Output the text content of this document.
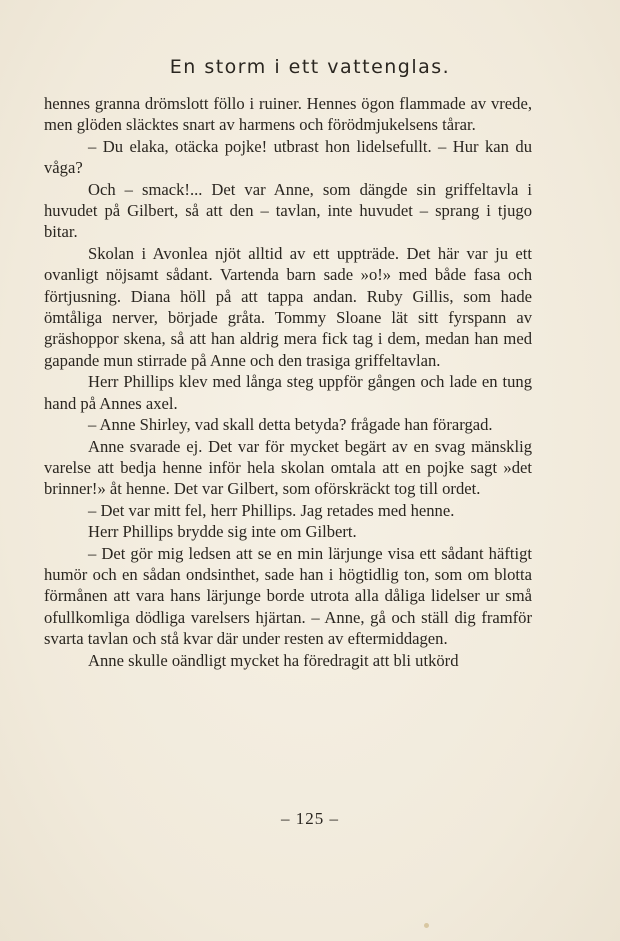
En storm i ett vattenglas.

hennes granna drömslott föllo i ruiner. Hennes ögon flammade av vrede, men glöden släcktes snart av harmens och förödmjukelsens tårar.

– Du elaka, otäcka pojke! utbrast hon lidelsefullt. – Hur kan du våga?

Och – smack!... Det var Anne, som dängde sin griffeltavla i huvudet på Gilbert, så att den – tavlan, inte huvudet – sprang i tjugo bitar.

Skolan i Avonlea njöt alltid av ett uppträde. Det här var ju ett ovanligt nöjsamt sådant. Vartenda barn sade »o!» med både fasa och förtjusning. Diana höll på att tappa andan. Ruby Gillis, som hade ömtåliga nerver, började gråta. Tommy Sloane lät sitt fyrspann av gräshoppor skena, så att han aldrig mera fick tag i dem, medan han med gapande mun stirrade på Anne och den trasiga griffeltavlan.

Herr Phillips klev med långa steg uppför gången och lade en tung hand på Annes axel.

– Anne Shirley, vad skall detta betyda? frågade han förargad.

Anne svarade ej. Det var för mycket begärt av en svag mänsklig varelse att bedja henne inför hela skolan omtala att en pojke sagt »det brinner!» åt henne. Det var Gilbert, som oförskräckt tog till ordet.

– Det var mitt fel, herr Phillips. Jag retades med henne.

Herr Phillips brydde sig inte om Gilbert.

– Det gör mig ledsen att se en min lärjunge visa ett sådant häftigt humör och en sådan ondsinthet, sade han i högtidlig ton, som om blotta förmånen att vara hans lärjunge borde utrota alla dåliga lidelser ur små ofullkomliga dödliga varelsers hjärtan. – Anne, gå och ställ dig framför svarta tavlan och stå kvar där under resten av eftermiddagen.

Anne skulle oändligt mycket ha föredragit att bli utkörd

– 125 –
